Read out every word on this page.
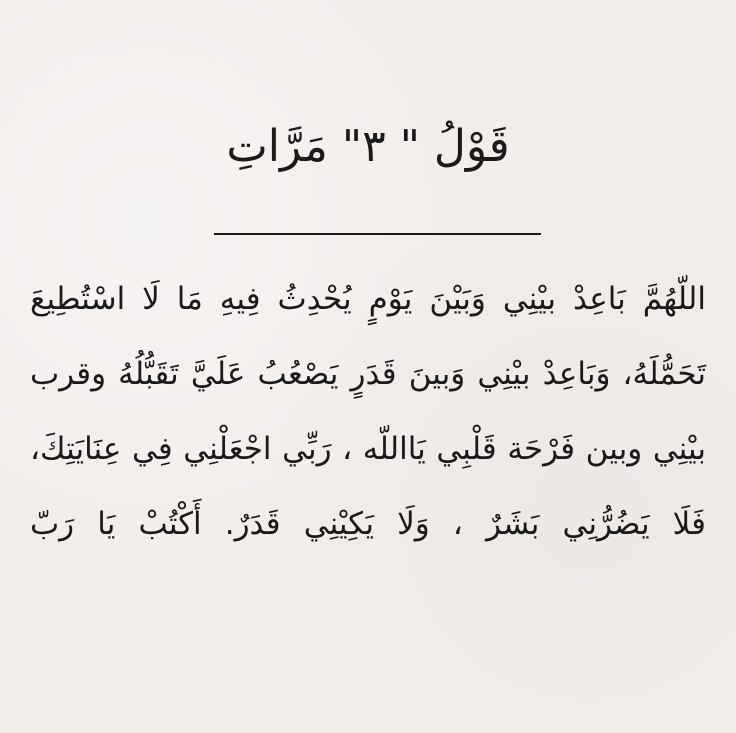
قَوْلُ " ٣" مَرَّاتِ
اللّهُمَّ بَاعِدْ بيْنِي وَبَيْنَ يَوْمٍ يُحْدِثُ فِيهِ مَا لَا اسْتُطِيعَ
تَحَمُّلَهُ، وَبَاعِدْ بيْنِي وَبينَ قَدَرٍ يَصْعُبُ عَلَيَّ تَقَبُّلُهُ وقرب
بيْنِي وبين فَرْحَة قَلْبِي يَااللّه ، رَبِّي اجْعَلْنِي فِي عِنَايَتِكَ،
فَلَا يَضُرُّنِي بَشَرٌ ، وَلَا يَكِيْنِي قَدَرٌ. أَكْتُبْ يَا رَبّ
